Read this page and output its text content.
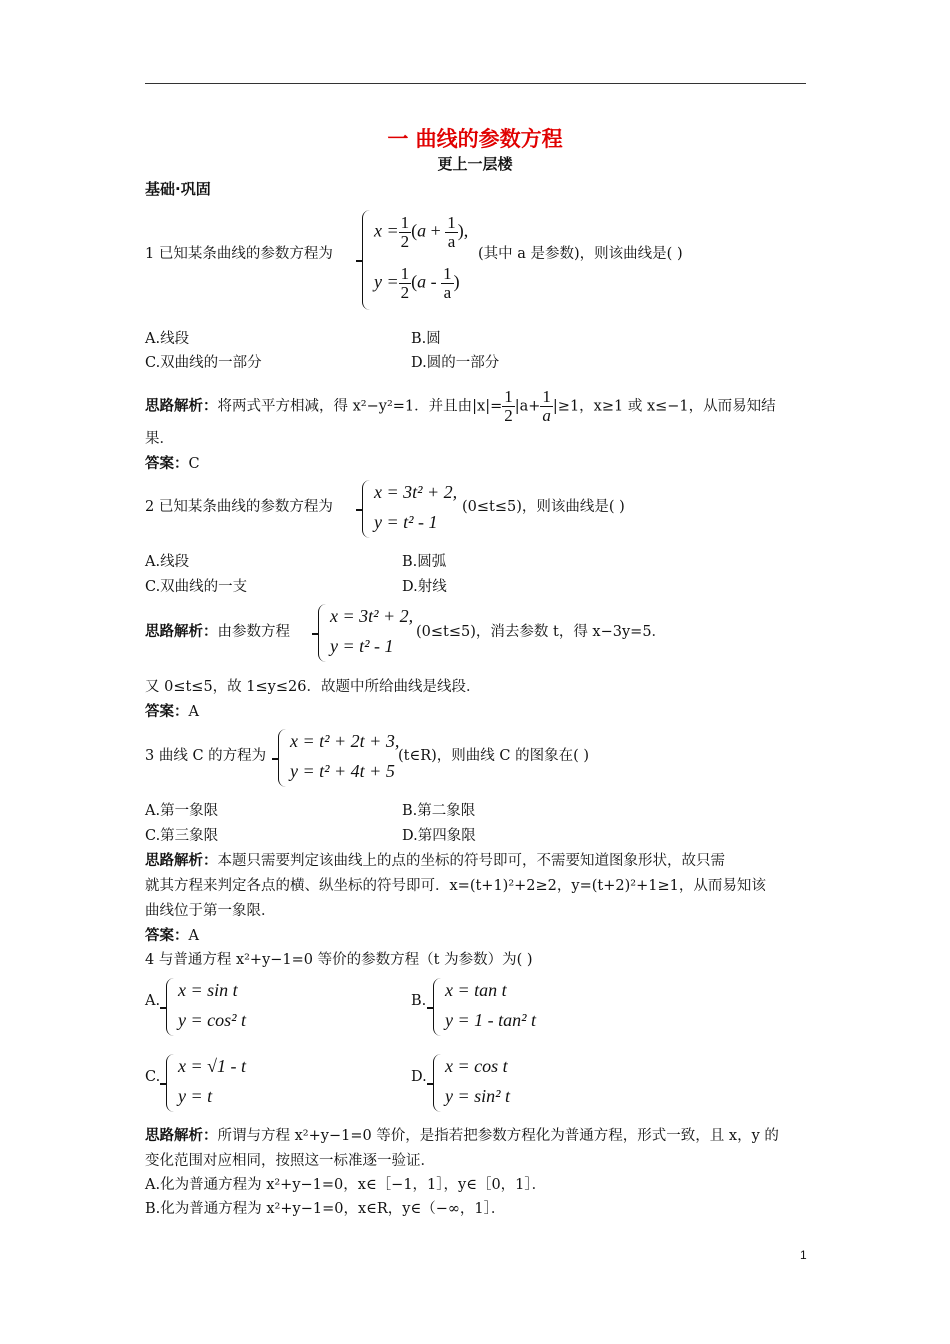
一 曲线的参数方程
更上一层楼
基础·巩固
1 已知某条曲线的参数方程为
$x = \frac{1}{2} (a + \frac{1}{a}$ ),
$y = \frac{1}{2} (a - \frac{1}{a}$ )
(其中 a 是参数)，则该曲线是( )
A.线段	B.圆
C.双曲线的一部分	D.圆的一部分
思路解析：将两式平方相减，得 x²−y²=1．并且由$|x|= \frac{1}{2} |a+ \frac{1}{a} |\ge 1$，x≥1 或 x≤−1，从而易知结
果．
答案：C
2 已知某条曲线的参数方程为
x = 3t² + 2,
y = t² - 1
(0≤t≤5)，则该曲线是( )
A.线段	B.圆弧
C.双曲线的一支	D.射线
思路解析：由参数方程
x = 3t² + 2,
y = t² - 1
(0≤t≤5)，消去参数 t，得 x−3y=5．
又 0≤t≤5，故 1≤y≤26．故题中所给曲线是线段．
答案：A
3 曲线 C 的方程为
x = t² + 2t + 3,
y = t² + 4t + 5
(t∈R)，则曲线 C 的图象在( )
A.第一象限	B.第二象限
C.第三象限	D.第四象限
思路解析：本题只需要判定该曲线上的点的坐标的符号即可，不需要知道图象形状，故只需
就其方程来判定各点的横、纵坐标的符号即可．x=(t+1)²+2≥2，y=(t+2)²+1≥1，从而易知该
曲线位于第一象限．
答案：A
4 与普通方程 x²+y−1=0 等价的参数方程（t 为参数）为( )
A.
x = sin t
y = cos² t
B.
x = tan t
y = 1 - tan² t
C.
x = √1 - t
y = t
D.
x = cos t
y = sin² t
思路解析：所谓与方程 x²+y−1=0 等价，是指若把参数方程化为普通方程，形式一致，且 x，y 的
变化范围对应相同，按照这一标准逐一验证．
A.化为普通方程为 x²+y−1=0，x∈［−1，1］，y∈［0，1］．
B.化为普通方程为 x²+y−1=0，x∈R，y∈（−∞，1］．
1
